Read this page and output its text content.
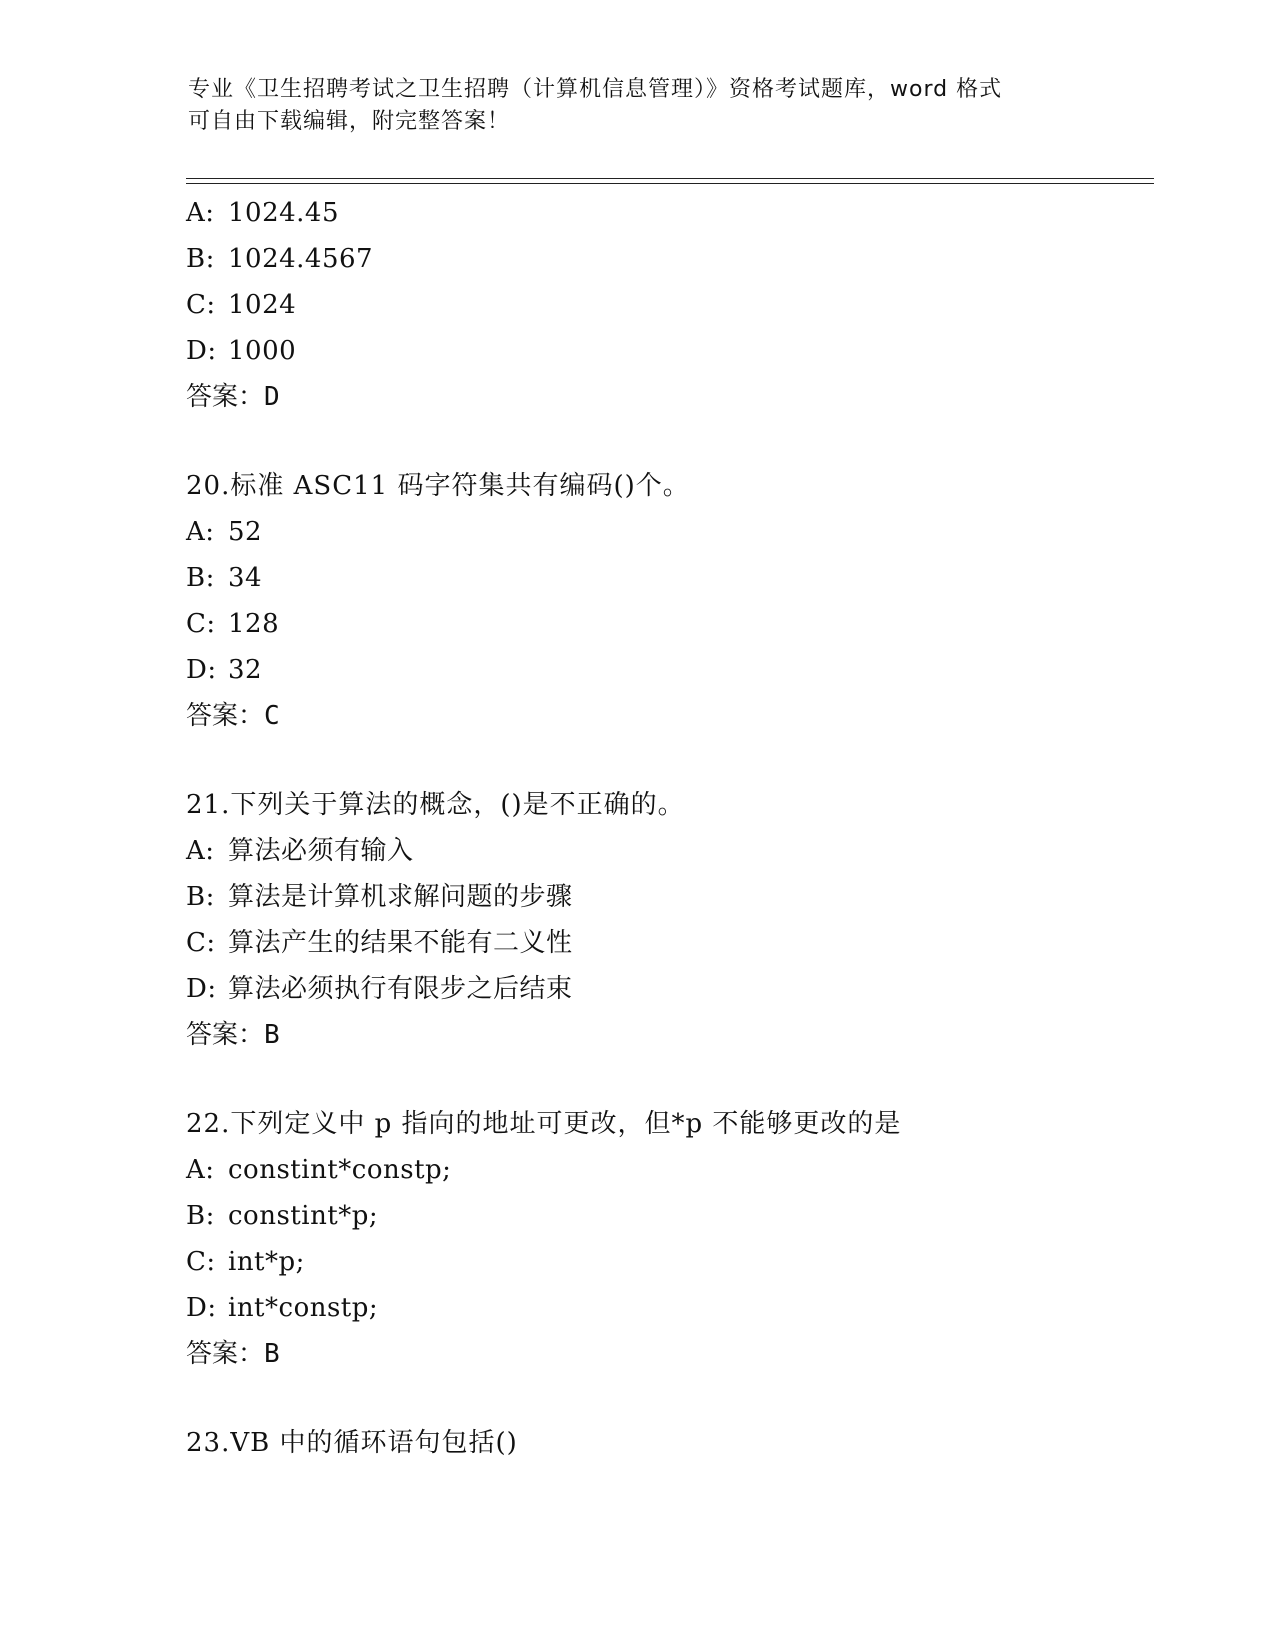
专业《卫生招聘考试之卫生招聘（计算机信息管理）》资格考试题库，word 格式
可自由下载编辑，附完整答案！
A: 1024.45
B: 1024.4567
C: 1024
D: 1000
答案：D
20.标准 ASC11 码字符集共有编码()个。
A: 52
B: 34
C: 128
D: 32
答案：C
21.下列关于算法的概念，()是不正确的。
A: 算法必须有输入
B: 算法是计算机求解问题的步骤
C: 算法产生的结果不能有二义性
D: 算法必须执行有限步之后结束
答案：B
22.下列定义中 p 指向的地址可更改，但*p 不能够更改的是
A: constint*constp;
B: constint*p;
C: int*p;
D: int*constp;
答案：B
23.VB 中的循环语句包括()
